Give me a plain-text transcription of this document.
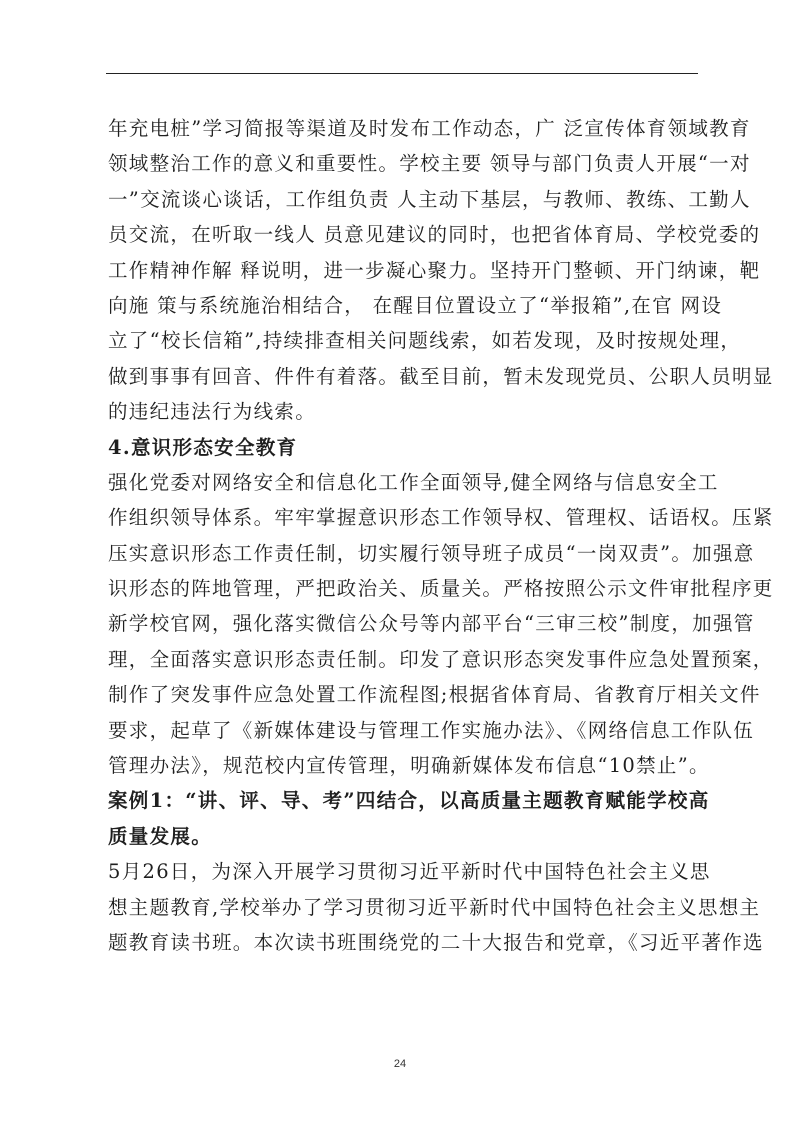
年充电桩”学习简报等渠道及时发布工作动态，广 泛宣传体育领域教育
领域整治工作的意义和重要性。学校主要 领导与部门负责人开展“一对
一”交流谈心谈话，工作组负责 人主动下基层，与教师、教练、工勤人
员交流，在听取一线人 员意见建议的同时，也把省体育局、学校党委的
工作精神作解 释说明，进一步凝心聚力。坚持开门整顿、开门纳谏，靶
向施 策与系统施治相结合， 在醒目位置设立了“举报箱”,在官 网设
立了“校长信箱”,持续排查相关问题线索，如若发现，及时按规处理，
做到事事有回音、件件有着落。截至目前，暂未发现党员、公职人员明显
的违纪违法行为线索。
4.意识形态安全教育
强化党委对网络安全和信息化工作全面领导,健全网络与信息安全工
作组织领导体系。牢牢掌握意识形态工作领导权、管理权、话语权。压紧
压实意识形态工作责任制，切实履行领导班子成员“一岗双责”。加强意
识形态的阵地管理，严把政治关、质量关。严格按照公示文件审批程序更
新学校官网，强化落实微信公众号等内部平台“三审三校”制度，加强管
理，全面落实意识形态责任制。印发了意识形态突发事件应急处置预案，
制作了突发事件应急处置工作流程图;根据省体育局、省教育厅相关文件
要求，起草了《新媒体建设与管理工作实施办法》、《网络信息工作队伍
管理办法》，规范校内宣传管理，明确新媒体发布信息“10禁止”。
案例1：“讲、评、导、考”四结合，以高质量主题教育赋能学校高
质量发展。
5月26日，为深入开展学习贯彻习近平新时代中国特色社会主义思
想主题教育,学校举办了学习贯彻习近平新时代中国特色社会主义思想主
题教育读书班。本次读书班围绕党的二十大报告和党章，《习近平著作选
24
